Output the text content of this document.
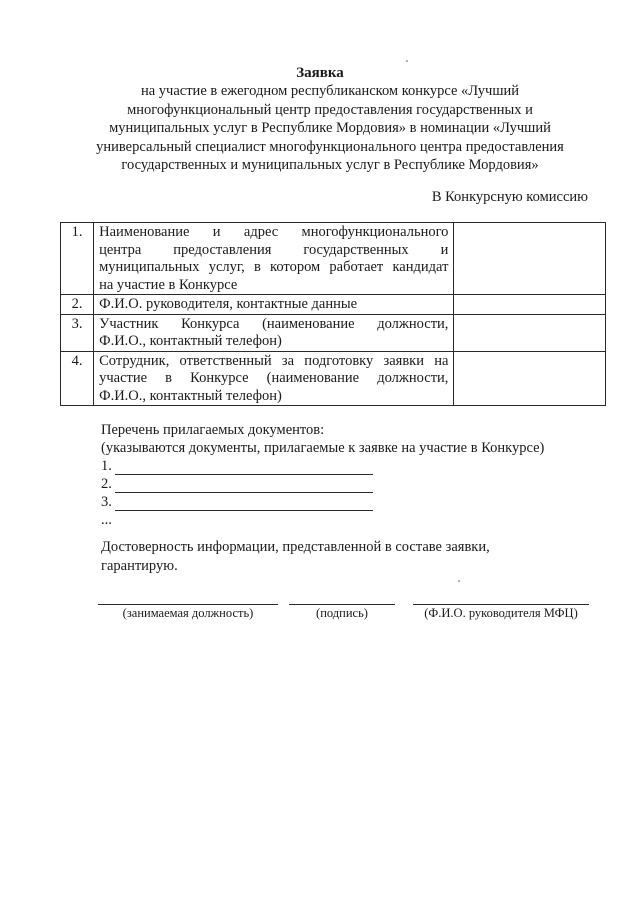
Заявка
на участие в ежегодном республиканском конкурсе «Лучший
многофункциональный центр предоставления государственных и
муниципальных услуг в Республике Мордовия» в номинации «Лучший
универсальный специалист многофункционального центра предоставления
государственных и муниципальных услуг в Республике Мордовия»
В Конкурсную комиссию
1.	Наименование и адрес многофункционального
центра предоставления государственных и
муниципальных услуг, в котором работает кандидат
на участие в Конкурсе	

2.	Ф.И.О. руководителя, контактные данные	

3.	Участник Конкурса (наименование должности,
Ф.И.О., контактный телефон)	

4.	Сотрудник, ответственный за подготовку заявки на
участие в Конкурсе (наименование должности,
Ф.И.О., контактный телефон)	

Перечень прилагаемых документов:
(указываются документы, прилагаемые к заявке на участие в Конкурсе)
1.
2.
3.
...
Достоверность информации, представленной в составе заявки,
гарантирую.
(занимаемая должность)	(подпись)	(Ф.И.О. руководителя МФЦ)
